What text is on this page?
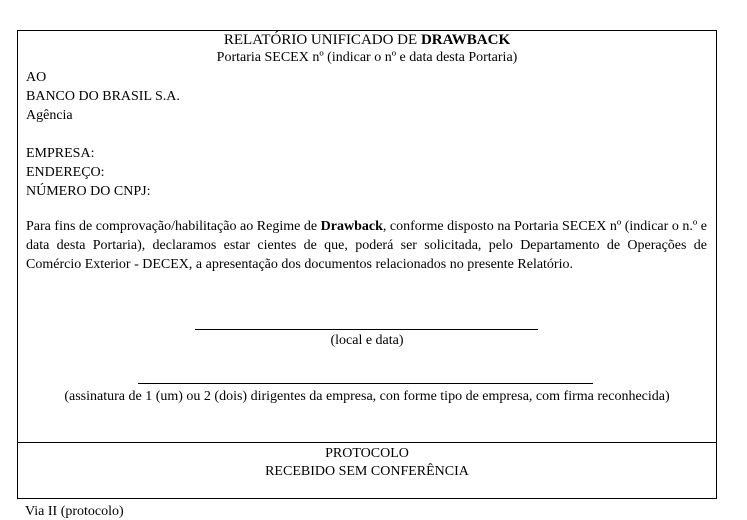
RELATÓRIO UNIFICADO DE DRAWBACK
Portaria SECEX nº (indicar o nº e data desta Portaria)
AO
BANCO DO BRASIL S.A.
Agência
EMPRESA:
ENDEREÇO:
NÚMERO DO CNPJ:
Para fins de comprovação/habilitação ao Regime de Drawback, conforme disposto na Portaria SECEX nº (indicar o n.º e data desta Portaria), declaramos estar cientes de que, poderá ser solicitada, pelo Departamento de Operações de Comércio Exterior - DECEX, a apresentação dos documentos relacionados no presente Relatório.
(local e data)
(assinatura de 1 (um) ou 2 (dois) dirigentes da empresa, con forme tipo de empresa, com firma reconhecida)
PROTOCOLO
RECEBIDO SEM CONFERÊNCIA
Via II (protocolo)
